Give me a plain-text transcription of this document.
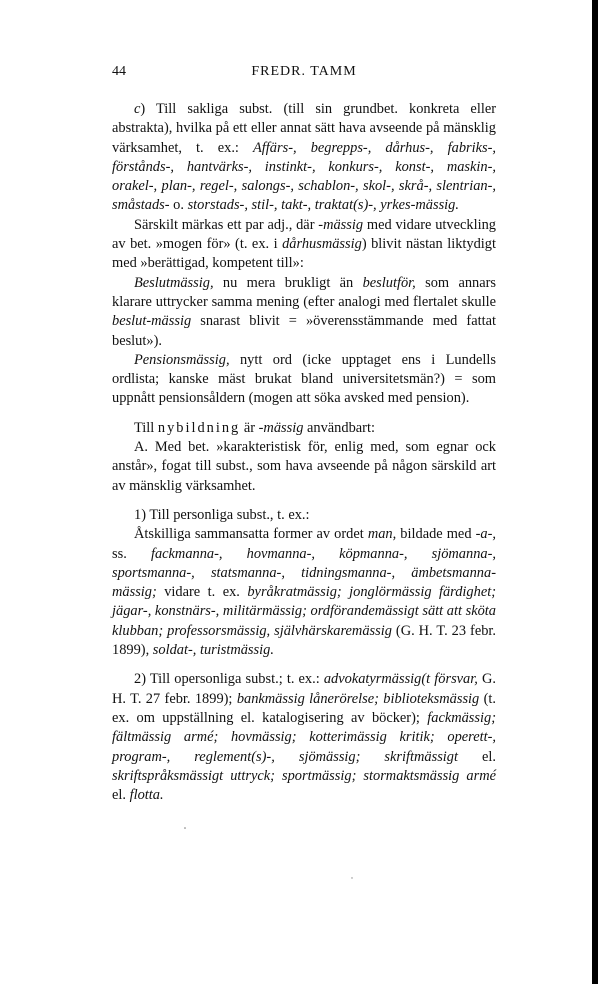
44	FREDR. TAMM

c) Till sakliga subst. (till sin grundbet. konkreta eller abstrakta), hvilka på ett eller annat sätt hava avseende på mänsklig värksamhet, t. ex.: Affärs-, begrepps-, dårhus-, fabriks-, förstånds-, hantvärks-, instinkt-, konkurs-, konst-, maskin-, orakel-, plan-, regel-, salongs-, schablon-, skol-, skrå-, slentrian-, småstads- o. storstads-, stil-, takt-, traktat(s)-, yrkes-mässig.

Särskilt märkas ett par adj., där -mässig med vidare utveckling av bet. »mogen för» (t. ex. i dårhusmässig) blivit nästan liktydigt med »berättigad, kompetent till»:

Beslutmässig, nu mera brukligt än beslutför, som annars klarare uttrycker samma mening (efter analogi med flertalet skulle beslut-mässig snarast blivit = »överensstämmande med fattat beslut»).

Pensionsmässig, nytt ord (icke upptaget ens i Lundells ordlista; kanske mäst brukat bland universitetsmän?) = som uppnått pensionsåldern (mogen att söka avsked med pension).

Till nybildning är -mässig användbart:

A. Med bet. »karakteristisk för, enlig med, som egnar ock anstår», fogat till subst., som hava avseende på någon särskild art av mänsklig värksamhet.

1) Till personliga subst., t. ex.:

Åtskilliga sammansatta former av ordet man, bildade med -a-, ss. fackmanna-, hovmanna-, köpmanna-, sjömanna-, sportsmanna-, statsmanna-, tidningsmanna-, ämbetsmanna-mässig; vidare t. ex. byråkratmässig; jonglörmässig färdighet; jägar-, konstnärs-, militärmässig; ordförandemässigt sätt att sköta klubban; professorsmässig, självhärskaremässig (G. H. T. 23 febr. 1899), soldat-, turistmässig.

2) Till opersonliga subst.; t. ex.: advokatyrmässig(t försvar, G. H. T. 27 febr. 1899); bankmässig lånerörelse; biblioteksmässig (t. ex. om uppställning el. katalogisering av böcker); fackmässig; fältmässig armé; hovmässig; kotterimässig kritik; operett-, program-, reglement(s)-, sjömässig; skriftmässigt el. skriftspråksmässigt uttryck; sportmässig; stormaktsmässig armé el. flotta.
